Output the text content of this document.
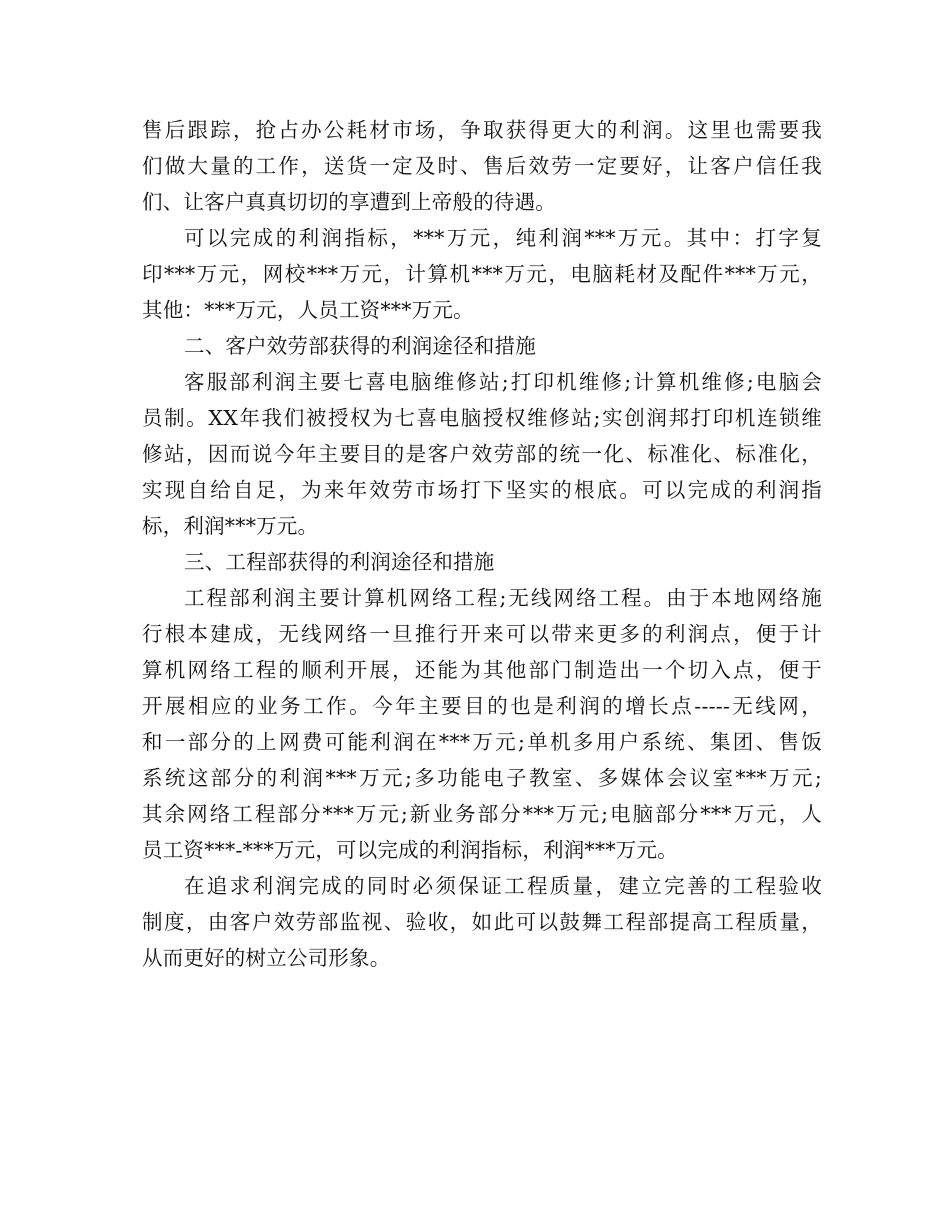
售后跟踪，抢占办公耗材市场，争取获得更大的利润。这里也需要我
们做大量的工作，送货一定及时、售后效劳一定要好，让客户信任我
们、让客户真真切切的享遭到上帝般的待遇。
可以完成的利润指标，***万元，纯利润***万元。其中：打字复
印***万元，网校***万元，计算机***万元，电脑耗材及配件***万元，
其他：***万元，人员工资***万元。
二、客户效劳部获得的利润途径和措施
客服部利润主要七喜电脑维修站;打印机维修;计算机维修;电脑会
员制。XX年我们被授权为七喜电脑授权维修站;实创润邦打印机连锁维
修站，因而说今年主要目的是客户效劳部的统一化、标准化、标准化，
实现自给自足，为来年效劳市场打下坚实的根底。可以完成的利润指
标，利润***万元。
三、工程部获得的利润途径和措施
工程部利润主要计算机网络工程;无线网络工程。由于本地网络施
行根本建成，无线网络一旦推行开来可以带来更多的利润点，便于计
算机网络工程的顺利开展，还能为其他部门制造出一个切入点，便于
开展相应的业务工作。今年主要目的也是利润的增长点-----无线网，
和一部分的上网费可能利润在***万元;单机多用户系统、集团、售饭
系统这部分的利润***万元;多功能电子教室、多媒体会议室***万元;
其余网络工程部分***万元;新业务部分***万元;电脑部分***万元，人
员工资***-***万元，可以完成的利润指标，利润***万元。
在追求利润完成的同时必须保证工程质量，建立完善的工程验收
制度，由客户效劳部监视、验收，如此可以鼓舞工程部提高工程质量，
从而更好的树立公司形象。
